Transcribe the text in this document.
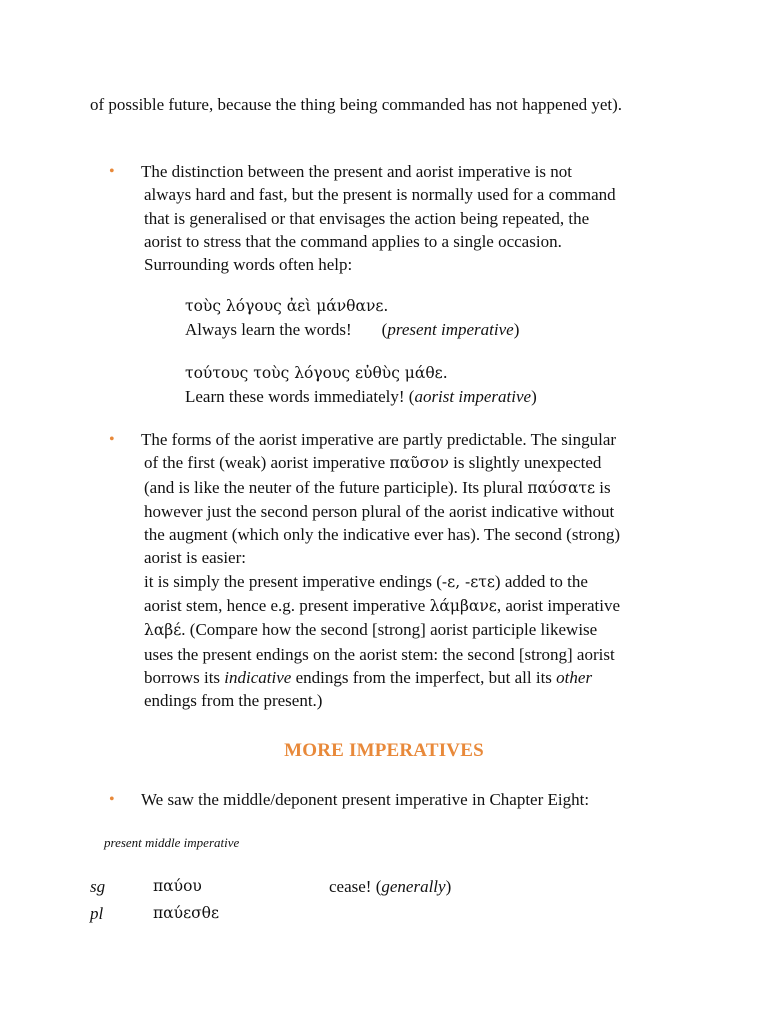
of possible future, because the thing being commanded has not happened yet).

• The distinction between the present and aorist imperative is not
always hard and fast, but the present is normally used for a command
that is generalised or that envisages the action being repeated, the
aorist to stress that the command applies to a single occasion.
Surrounding words often help:
τοὺς λόγους ἀεὶ μάνθανε.
Always learn the words! (present imperative)
τούτους τοὺς λόγους εὐθὺς μάθε.
Learn these words immediately! (aorist imperative)
• The forms of the aorist imperative are partly predictable. The singular
of the first (weak) aorist imperative παῦσον is slightly unexpected
(and is like the neuter of the future participle). Its plural παύσατε is
however just the second person plural of the aorist indicative without
the augment (which only the indicative ever has). The second (strong)
aorist is easier:
it is simply the present imperative endings (-ε, -ετε) added to the
aorist stem, hence e.g. present imperative λάμβανε, aorist imperative
λαβέ. (Compare how the second [strong] aorist participle likewise
uses the present endings on the aorist stem: the second [strong] aorist
borrows its indicative endings from the imperfect, but all its other
endings from the present.)
MORE IMPERATIVES
• We saw the middle/deponent present imperative in Chapter Eight:

present middle imperative

sg	παύου	cease! (generally)
pl	παύεσθε
